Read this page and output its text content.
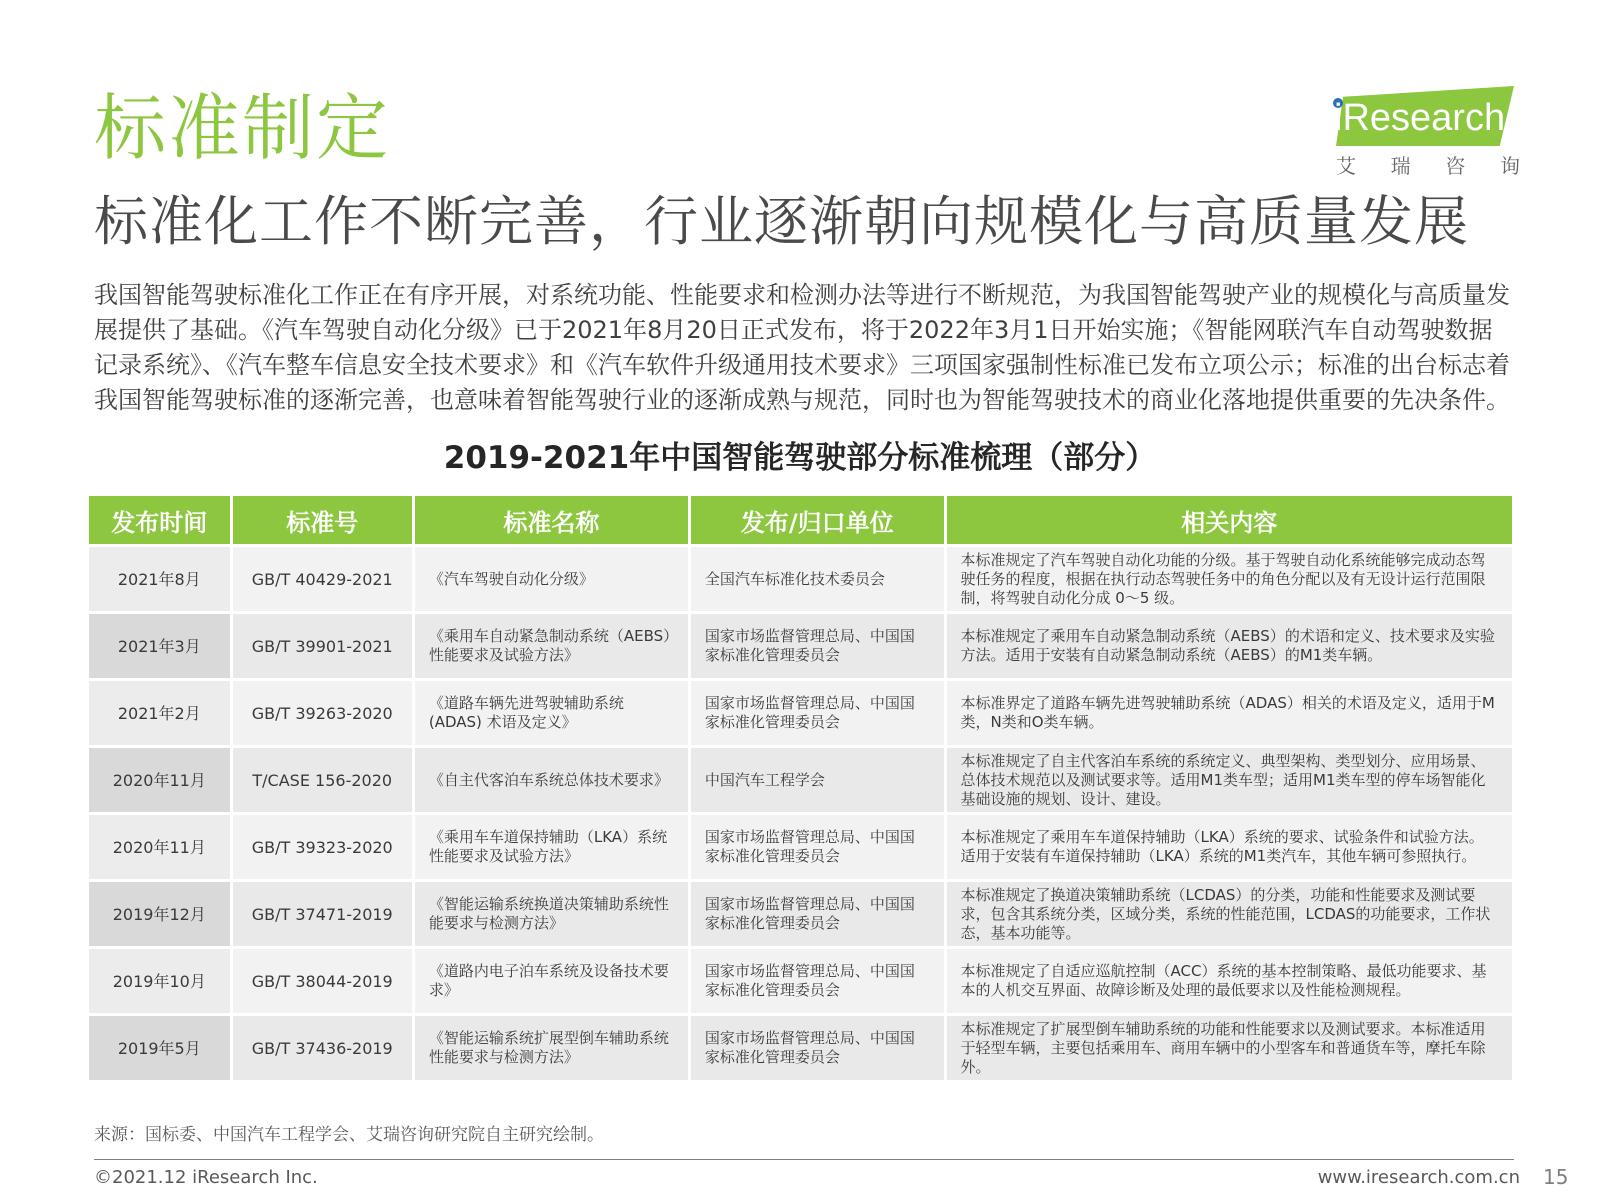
标准制定	iResearch
艾 瑞 咨 询
标准化工作不断完善，行业逐渐朝向规模化与高质量发展

我国智能驾驶标准化工作正在有序开展，对系统功能、性能要求和检测办法等进行不断规范，为我国智能驾驶产业的规模化与高质量发展提供了基础。《汽车驾驶自动化分级》已于2021年8月20日正式发布，将于2022年3月1日开始实施；《智能网联汽车自动驾驶数据记录系统》、《汽车整车信息安全技术要求》和《汽车软件升级通用技术要求》三项国家强制性标准已发布立项公示；标准的出台标志着我国智能驾驶标准的逐渐完善，也意味着智能驾驶行业的逐渐成熟与规范，同时也为智能驾驶技术的商业化落地提供重要的先决条件。

2019-2021年中国智能驾驶部分标准梳理（部分）
发布时间	标准号	标准名称	发布/归口单位	相关内容
2021年8月	GB/T 40429-2021	《汽车驾驶自动化分级》	全国汽车标准化技术委员会	本标准规定了汽车驾驶自动化功能的分级。基于驾驶自动化系统能够完成动态驾驶任务的程度，根据在执行动态驾驶任务中的角色分配以及有无设计运行范围限制，将驾驶自动化分成 0～5 级。
2021年3月	GB/T 39901-2021	《乘用车自动紧急制动系统（AEBS）性能要求及试验方法》	国家市场监督管理总局、中国国家标准化管理委员会	本标准规定了乘用车自动紧急制动系统（AEBS）的术语和定义、技术要求及实验方法。适用于安装有自动紧急制动系统（AEBS）的M1类车辆。
2021年2月	GB/T 39263-2020	《道路车辆先进驾驶辅助系统(ADAS) 术语及定义》	国家市场监督管理总局、中国国家标准化管理委员会	本标准界定了道路车辆先进驾驶辅助系统（ADAS）相关的术语及定义，适用于M类，N类和O类车辆。
2020年11月	T/CASE 156-2020	《自主代客泊车系统总体技术要求》	中国汽车工程学会	本标准规定了自主代客泊车系统的系统定义、典型架构、类型划分、应用场景、总体技术规范以及测试要求等。适用M1类车型；适用M1类车型的停车场智能化基础设施的规划、设计、建设。
2020年11月	GB/T 39323-2020	《乘用车车道保持辅助（LKA）系统性能要求及试验方法》	国家市场监督管理总局、中国国家标准化管理委员会	本标准规定了乘用车车道保持辅助（LKA）系统的要求、试验条件和试验方法。适用于安装有车道保持辅助（LKA）系统的M1类汽车，其他车辆可参照执行。
2019年12月	GB/T 37471-2019	《智能运输系统换道决策辅助系统性能要求与检测方法》	国家市场监督管理总局、中国国家标准化管理委员会	本标准规定了换道决策辅助系统（LCDAS）的分类，功能和性能要求及测试要求，包含其系统分类，区域分类，系统的性能范围，LCDAS的功能要求，工作状态，基本功能等。
2019年10月	GB/T 38044-2019	《道路内电子泊车系统及设备技术要求》	国家市场监督管理总局、中国国家标准化管理委员会	本标准规定了自适应巡航控制（ACC）系统的基本控制策略、最低功能要求、基本的人机交互界面、故障诊断及处理的最低要求以及性能检测规程。
2019年5月	GB/T 37436-2019	《智能运输系统扩展型倒车辅助系统 性能要求与检测方法》	国家市场监督管理总局、中国国家标准化管理委员会	本标准规定了扩展型倒车辅助系统的功能和性能要求以及测试要求。本标准适用于轻型车辆，主要包括乘用车、商用车辆中的小型客车和普通货车等，摩托车除外。
来源：国标委、中国汽车工程学会、艾瑞咨询研究院自主研究绘制。
©2021.12 iResearch Inc.	www.iresearch.com.cn 15
